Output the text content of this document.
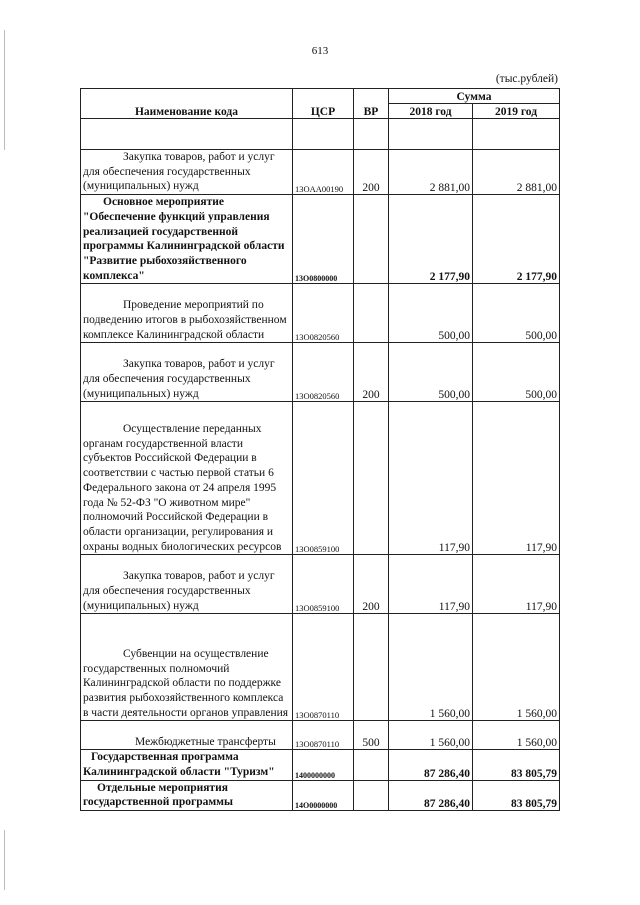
613
(тыс.рублей)
Наименование кода	ЦСР	ВР	Сумма	
			2018 год	2019 год

Закупка товаров, работ и услуг для обеспечения государственных (муниципальных) нужд	13OAA00190	200	2 881,00	2 881,00
Основное мероприятие "Обеспечение функций управления реализацией государственной программы Калининградской области "Развитие рыбохозяйственного комплекса"	13O0800000		2 177,90	2 177,90
Проведение мероприятий по подведению итогов в рыбохозяйственном комплексе Калининградской области	13O0820560		500,00	500,00
Закупка товаров, работ и услуг для обеспечения государственных (муниципальных) нужд	13O0820560	200	500,00	500,00
Осуществление переданных органам государственной власти субъектов Российской Федерации в соответствии с частью первой статьи 6 Федерального закона от 24 апреля 1995 года № 52-ФЗ "О животном мире" полномочий Российской Федерации в области организации, регулирования и охраны водных биологических ресурсов	13O0859100		117,90	117,90
Закупка товаров, работ и услуг для обеспечения государственных (муниципальных) нужд	13O0859100	200	117,90	117,90
Субвенции на осуществление государственных полномочий Калининградской области по поддержке развития рыбохозяйственного комплекса в части деятельности органов управления	13O0870110		1 560,00	1 560,00
Межбюджетные трансферты	13O0870110	500	1 560,00	1 560,00
Государственная программа Калининградской области "Туризм"	1400000000		87 286,40	83 805,79
Отдельные мероприятия государственной программы	14O0000000		87 286,40	83 805,79
